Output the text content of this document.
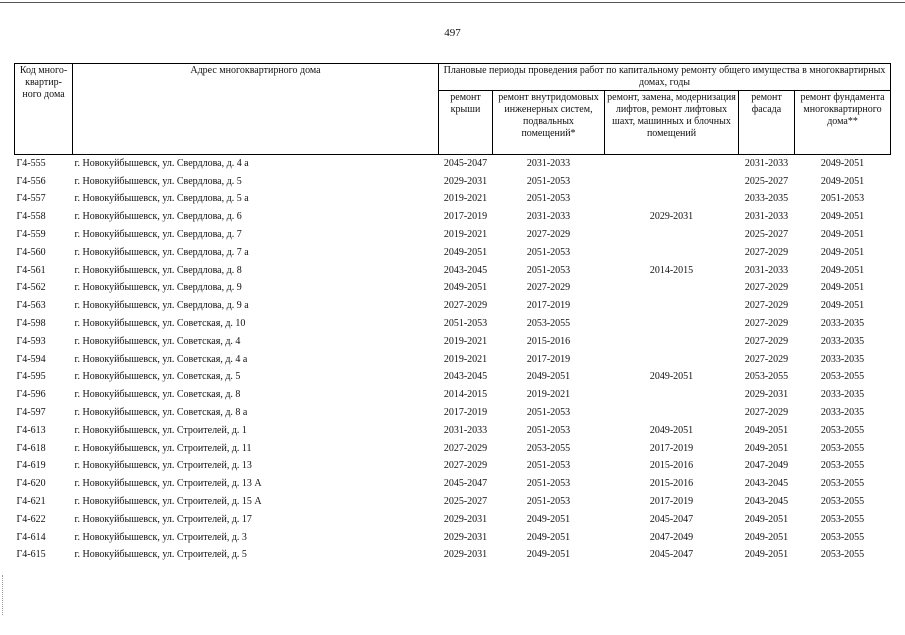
497
Код много-квартир-ного дома	Адрес многоквартирного дома	Плановые периоды проведения работ по капитальному ремонту общего имущества в многоквартирных домах, годы				
		ремонт крыши	ремонт внутридомовых инженерных систем, подвальных помещений*	ремонт, замена, модернизация лифтов, ремонт лифтовых шахт, машинных и блочных помещений	ремонт фасада	ремонт фундамента многоквартирного дома**
Г4-555	г. Новокуйбышевск, ул. Свердлова, д. 4 а	2045-2047	2031-2033		2031-2033	2049-2051
Г4-556	г. Новокуйбышевск, ул. Свердлова, д. 5	2029-2031	2051-2053		2025-2027	2049-2051
Г4-557	г. Новокуйбышевск, ул. Свердлова, д. 5 а	2019-2021	2051-2053		2033-2035	2051-2053
Г4-558	г. Новокуйбышевск, ул. Свердлова, д. 6	2017-2019	2031-2033	2029-2031	2031-2033	2049-2051
Г4-559	г. Новокуйбышевск, ул. Свердлова, д. 7	2019-2021	2027-2029		2025-2027	2049-2051
Г4-560	г. Новокуйбышевск, ул. Свердлова, д. 7 а	2049-2051	2051-2053		2027-2029	2049-2051
Г4-561	г. Новокуйбышевск, ул. Свердлова, д. 8	2043-2045	2051-2053	2014-2015	2031-2033	2049-2051
Г4-562	г. Новокуйбышевск, ул. Свердлова, д. 9	2049-2051	2027-2029		2027-2029	2049-2051
Г4-563	г. Новокуйбышевск, ул. Свердлова, д. 9 а	2027-2029	2017-2019		2027-2029	2049-2051
Г4-598	г. Новокуйбышевск, ул. Советская, д. 10	2051-2053	2053-2055		2027-2029	2033-2035
Г4-593	г. Новокуйбышевск, ул. Советская, д. 4	2019-2021	2015-2016		2027-2029	2033-2035
Г4-594	г. Новокуйбышевск, ул. Советская, д. 4 а	2019-2021	2017-2019		2027-2029	2033-2035
Г4-595	г. Новокуйбышевск, ул. Советская, д. 5	2043-2045	2049-2051	2049-2051	2053-2055	2053-2055
Г4-596	г. Новокуйбышевск, ул. Советская, д. 8	2014-2015	2019-2021		2029-2031	2033-2035
Г4-597	г. Новокуйбышевск, ул. Советская, д. 8 а	2017-2019	2051-2053		2027-2029	2033-2035
Г4-613	г. Новокуйбышевск, ул. Строителей, д. 1	2031-2033	2051-2053	2049-2051	2049-2051	2053-2055
Г4-618	г. Новокуйбышевск, ул. Строителей, д. 11	2027-2029	2053-2055	2017-2019	2049-2051	2053-2055
Г4-619	г. Новокуйбышевск, ул. Строителей, д. 13	2027-2029	2051-2053	2015-2016	2047-2049	2053-2055
Г4-620	г. Новокуйбышевск, ул. Строителей, д. 13 А	2045-2047	2051-2053	2015-2016	2043-2045	2053-2055
Г4-621	г. Новокуйбышевск, ул. Строителей, д. 15 А	2025-2027	2051-2053	2017-2019	2043-2045	2053-2055
Г4-622	г. Новокуйбышевск, ул. Строителей, д. 17	2029-2031	2049-2051	2045-2047	2049-2051	2053-2055
Г4-614	г. Новокуйбышевск, ул. Строителей, д. 3	2029-2031	2049-2051	2047-2049	2049-2051	2053-2055
Г4-615	г. Новокуйбышевск, ул. Строителей, д. 5	2029-2031	2049-2051	2045-2047	2049-2051	2053-2055
